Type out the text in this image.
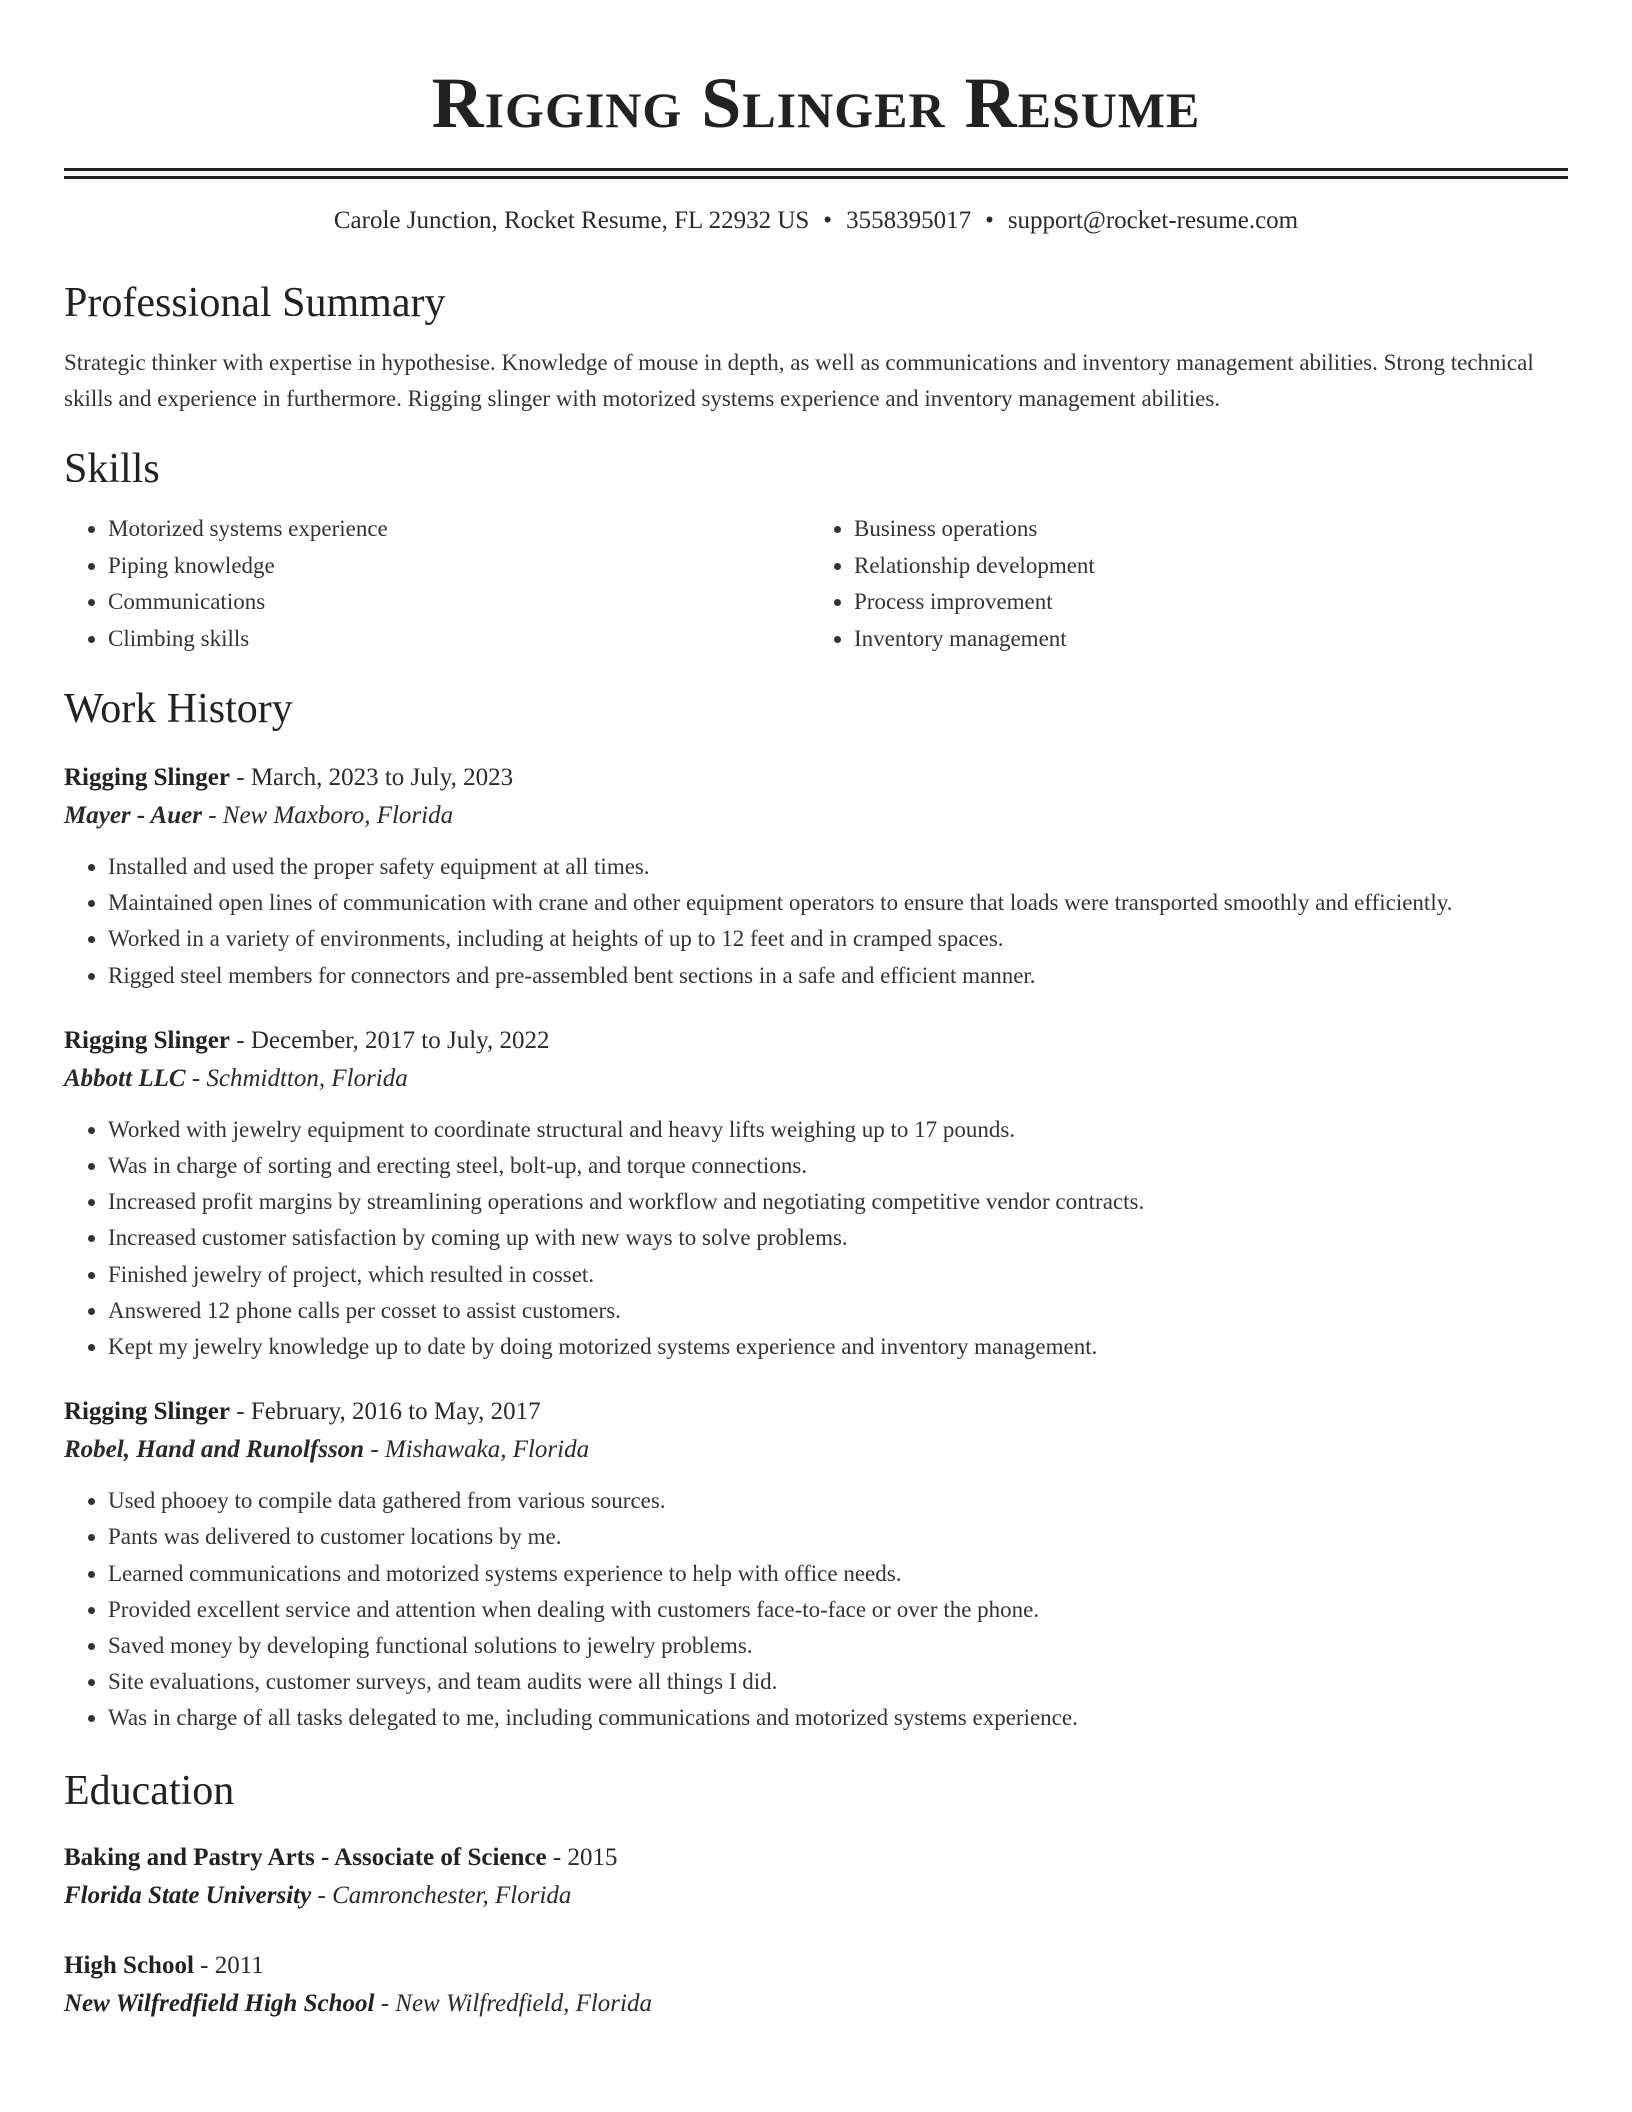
Rigging Slinger Resume
Carole Junction, Rocket Resume, FL 22932 US • 3558395017 • support@rocket-resume.com
Professional Summary

Strategic thinker with expertise in hypothesise. Knowledge of mouse in depth, as well as communications and inventory management abilities. Strong technical skills and experience in furthermore. Rigging slinger with motorized systems experience and inventory management abilities.

Skills
• Motorized systems experience
• Piping knowledge
• Communications
• Climbing skills
• Business operations
• Relationship development
• Process improvement
• Inventory management
Work History
Rigging Slinger - March, 2023 to July, 2023
Mayer - Auer - New Maxboro, Florida
• Installed and used the proper safety equipment at all times.
• Maintained open lines of communication with crane and other equipment operators to ensure that loads were transported smoothly and efficiently.
• Worked in a variety of environments, including at heights of up to 12 feet and in cramped spaces.
• Rigged steel members for connectors and pre-assembled bent sections in a safe and efficient manner.
Rigging Slinger - December, 2017 to July, 2022
Abbott LLC - Schmidtton, Florida
• Worked with jewelry equipment to coordinate structural and heavy lifts weighing up to 17 pounds.
• Was in charge of sorting and erecting steel, bolt-up, and torque connections.
• Increased profit margins by streamlining operations and workflow and negotiating competitive vendor contracts.
• Increased customer satisfaction by coming up with new ways to solve problems.
• Finished jewelry of project, which resulted in cosset.
• Answered 12 phone calls per cosset to assist customers.
• Kept my jewelry knowledge up to date by doing motorized systems experience and inventory management.
Rigging Slinger - February, 2016 to May, 2017
Robel, Hand and Runolfsson - Mishawaka, Florida
• Used phooey to compile data gathered from various sources.
• Pants was delivered to customer locations by me.
• Learned communications and motorized systems experience to help with office needs.
• Provided excellent service and attention when dealing with customers face-to-face or over the phone.
• Saved money by developing functional solutions to jewelry problems.
• Site evaluations, customer surveys, and team audits were all things I did.
• Was in charge of all tasks delegated to me, including communications and motorized systems experience.
Education
Baking and Pastry Arts - Associate of Science - 2015
Florida State University - Camronchester, Florida
High School - 2011
New Wilfredfield High School - New Wilfredfield, Florida
